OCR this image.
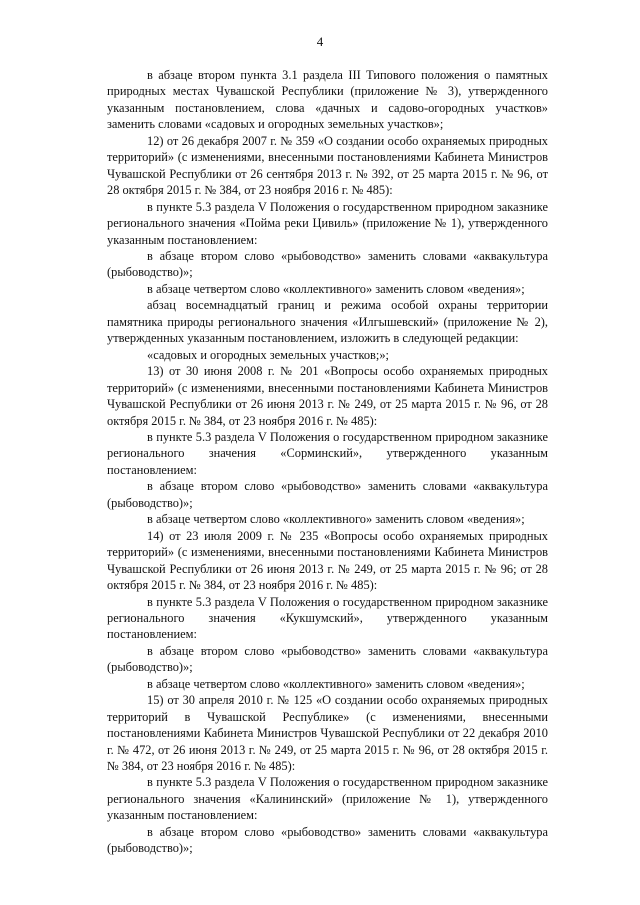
4

в абзаце втором пункта 3.1 раздела III Типового положения о памятных природных местах Чувашской Республики (приложение № 3), утвержденного указанным постановлением, слова «дачных и садово-огородных участков» заменить словами «садовых и огородных земельных участков»;

12) от 26 декабря 2007 г. № 359 «О создании особо охраняемых природных территорий» (с изменениями, внесенными постановлениями Кабинета Министров Чувашской Республики от 26 сентября 2013 г. № 392, от 25 марта 2015 г. № 96, от 28 октября 2015 г. № 384, от 23 ноября 2016 г. № 485):

в пункте 5.3 раздела V Положения о государственном природном заказнике регионального значения «Пойма реки Цивиль» (приложение № 1), утвержденного указанным постановлением:

в абзаце втором слово «рыбоводство» заменить словами «аквакультура (рыбоводство)»;

в абзаце четвертом слово «коллективного» заменить словом «ведения»;

абзац восемнадцатый границ и режима особой охраны территории памятника природы регионального значения «Илгышевский» (приложение № 2), утвержденных указанным постановлением, изложить в следующей редакции:

«садовых и огородных земельных участков;»;

13) от 30 июня 2008 г. № 201 «Вопросы особо охраняемых природных территорий» (с изменениями, внесенными постановлениями Кабинета Министров Чувашской Республики от 26 июня 2013 г. № 249, от 25 марта 2015 г. № 96, от 28 октября 2015 г. № 384, от 23 ноября 2016 г. № 485):

в пункте 5.3 раздела V Положения о государственном природном заказнике регионального значения «Сорминский», утвержденного указанным постановлением:

в абзаце втором слово «рыбоводство» заменить словами «аквакультура (рыбоводство)»;

в абзаце четвертом слово «коллективного» заменить словом «ведения»;

14) от 23 июля 2009 г. № 235 «Вопросы особо охраняемых природных территорий» (с изменениями, внесенными постановлениями Кабинета Министров Чувашской Республики от 26 июня 2013 г. № 249, от 25 марта 2015 г. № 96; от 28 октября 2015 г. № 384, от 23 ноября 2016 г. № 485):

в пункте 5.3 раздела V Положения о государственном природном заказнике регионального значения «Кукшумский», утвержденного указанным постановлением:

в абзаце втором слово «рыбоводство» заменить словами «аквакультура (рыбоводство)»;

в абзаце четвертом слово «коллективного» заменить словом «ведения»;

15) от 30 апреля 2010 г. № 125 «О создании особо охраняемых природных территорий в Чувашской Республике» (с изменениями, внесенными постановлениями Кабинета Министров Чувашской Республики от 22 декабря 2010 г. № 472, от 26 июня 2013 г. № 249, от 25 марта 2015 г. № 96, от 28 октября 2015 г. № 384, от 23 ноября 2016 г. № 485):

в пункте 5.3 раздела V Положения о государственном природном заказнике регионального значения «Калининский» (приложение № 1), утвержденного указанным постановлением:

в абзаце втором слово «рыбоводство» заменить словами «аквакультура (рыбоводство)»;
